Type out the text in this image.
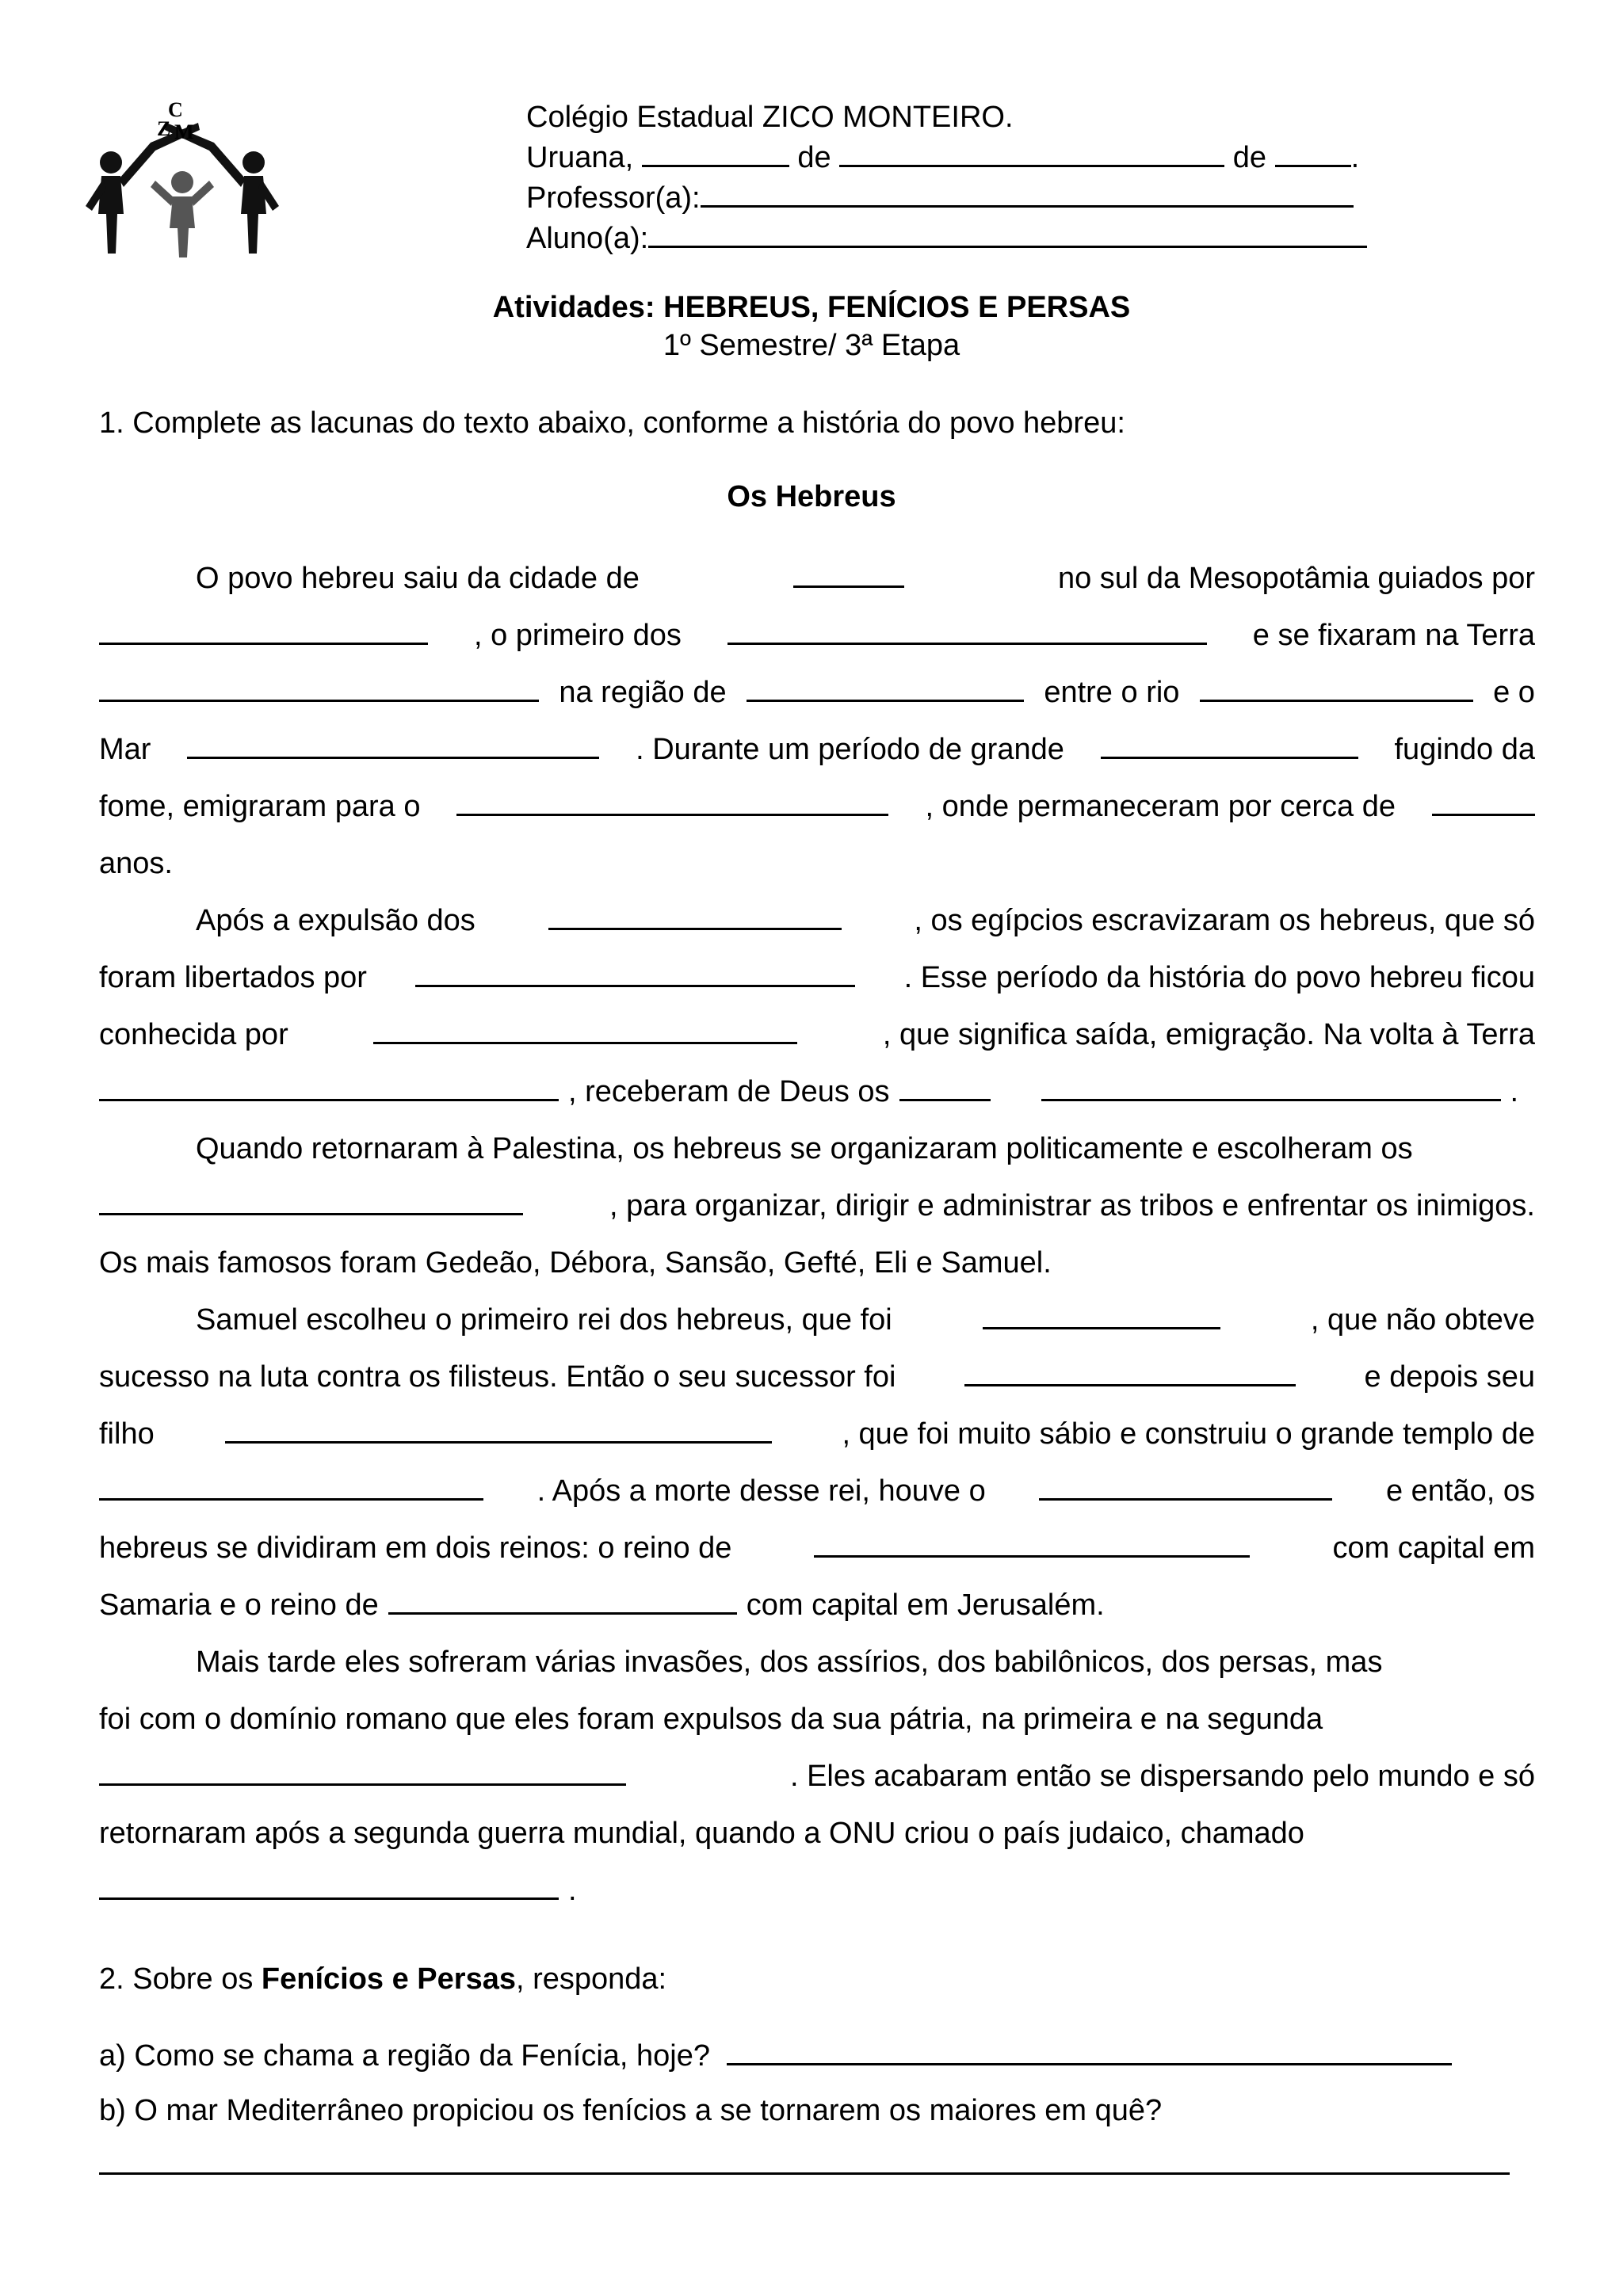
C
Z M	Colégio Estadual ZICO MONTEIRO.
Uruana,	de	de	.
Professor(a):
Aluno(a):
Atividades: HEBREUS, FENÍCIOS E PERSAS
1º Semestre/ 3ª Etapa
1. Complete as lacunas do texto abaixo, conforme a história do povo hebreu:
Os Hebreus
O povo hebreu saiu da cidade de	no sul da Mesopotâmia guiados por
, o primeiro dos	e se fixaram na Terra
na região de	entre o rio	e o
Mar	. Durante um período de grande	fugindo da
fome, emigraram para o	, onde permaneceram por cerca de
anos.
Após a expulsão dos	, os egípcios escravizaram os hebreus, que só
foram libertados por	. Esse período da história do povo hebreu ficou
conhecida por	, que significa saída, emigração. Na volta à Terra
, receberam de Deus os	.
Quando retornaram à Palestina, os hebreus se organizaram politicamente e escolheram os
, para organizar, dirigir e administrar as tribos e enfrentar os inimigos.
Os mais famosos foram Gedeão, Débora, Sansão, Gefté, Eli e Samuel.
Samuel escolheu o primeiro rei dos hebreus, que foi	, que não obteve
sucesso na luta contra os filisteus. Então o seu sucessor foi	e depois seu
filho	, que foi muito sábio e construiu o grande templo de
. Após a morte desse rei, houve o	e então, os
hebreus se dividiram em dois reinos: o reino de	com capital em
Samaria e o reino de	com capital em Jerusalém.
Mais tarde eles sofreram várias invasões, dos assírios, dos babilônicos, dos persas, mas
foi com o domínio romano que eles foram expulsos da sua pátria, na primeira e na segunda
. Eles acabaram então se dispersando pelo mundo e só
retornaram após a segunda guerra mundial, quando a ONU criou o país judaico, chamado
.
2. Sobre os Fenícios e Persas, responda:
a) Como se chama a região da Fenícia, hoje?
b) O mar Mediterrâneo propiciou os fenícios a se tornarem os maiores em quê?
